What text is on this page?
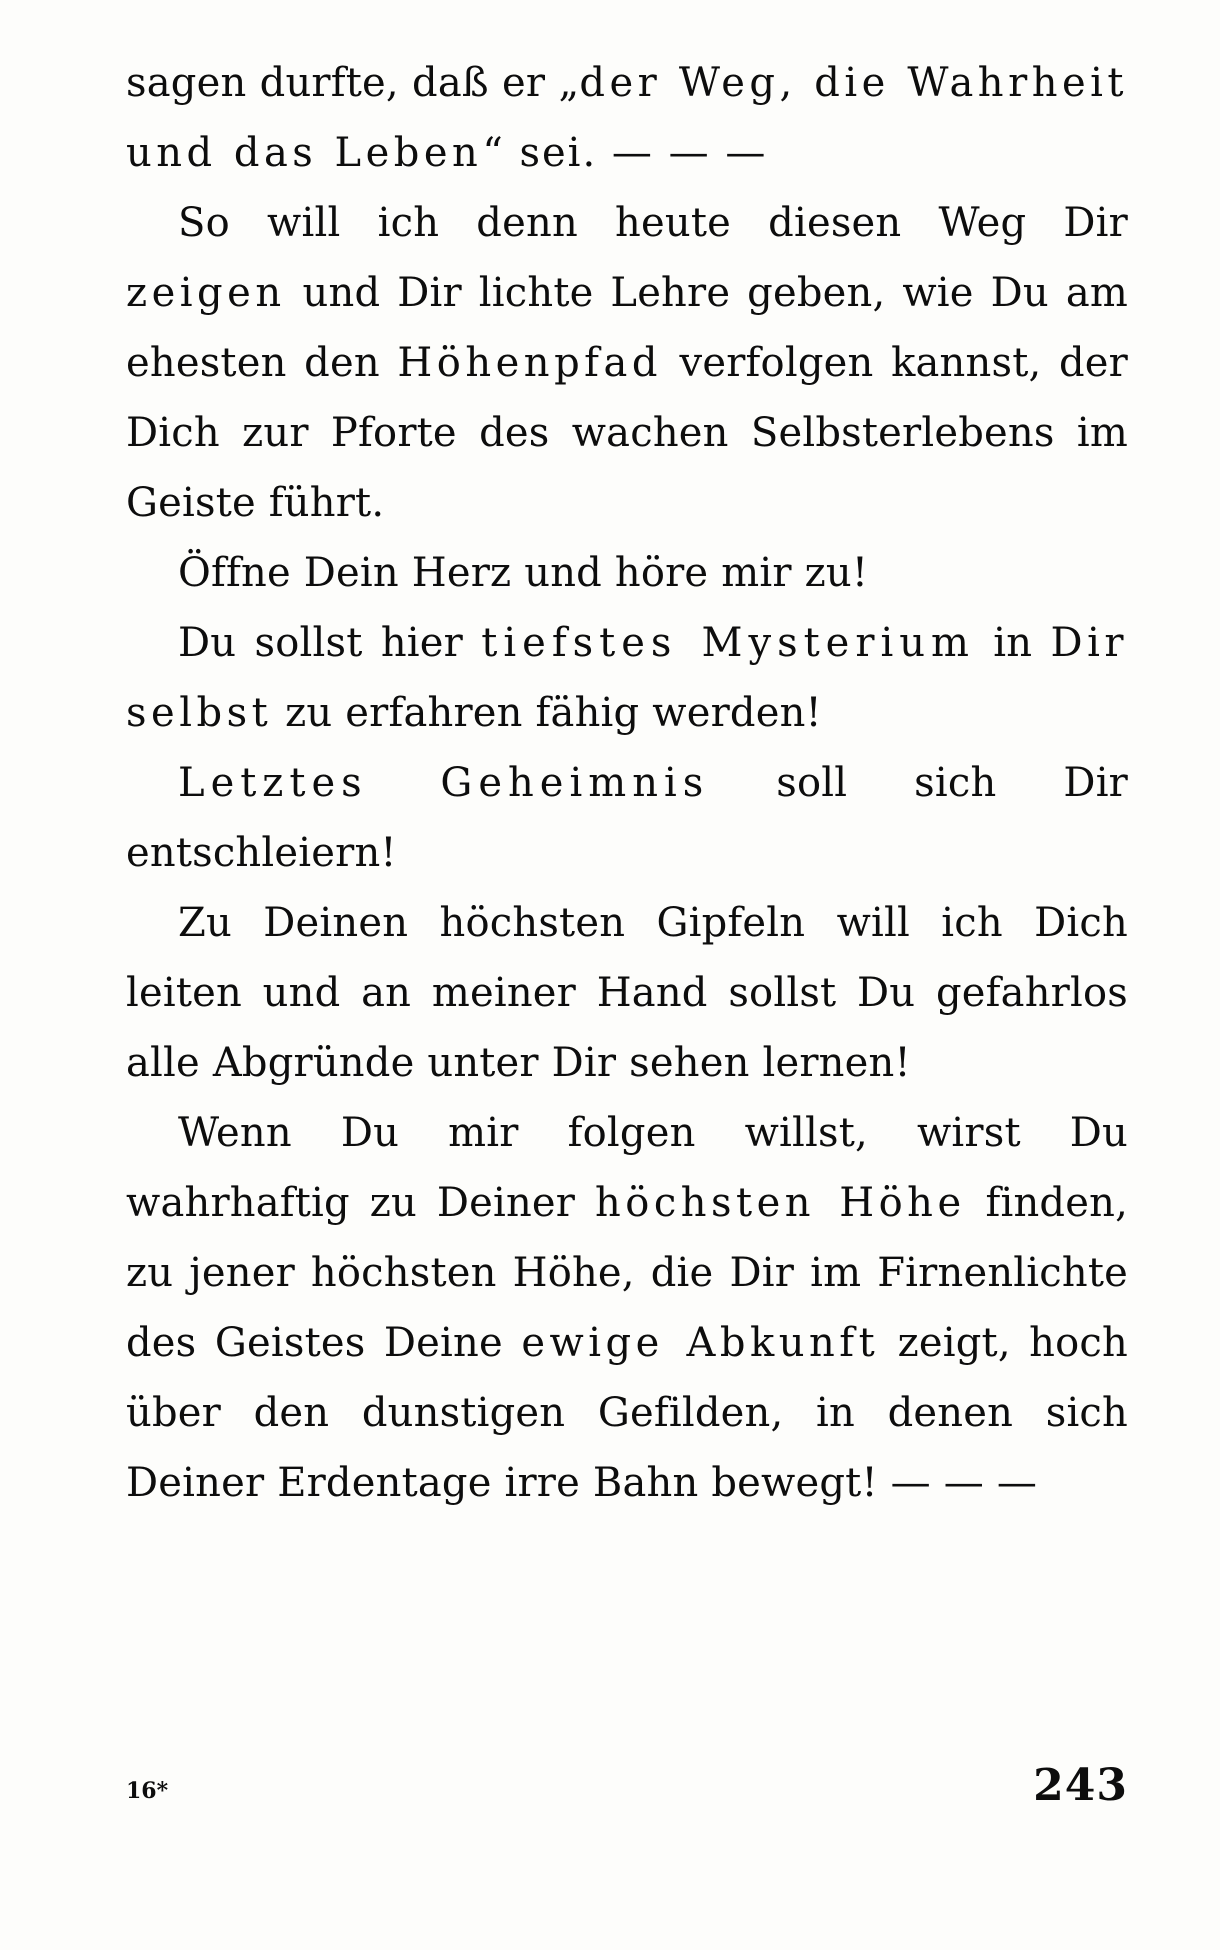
sagen durfte, daß er „der Weg, die Wahrheit und das Leben“ sei. — — —

So will ich denn heute diesen Weg Dir zeigen und Dir lichte Lehre geben, wie Du am ehesten den Höhenpfad verfolgen kannst, der Dich zur Pforte des wachen Selbsterlebens im Geiste führt.

Öffne Dein Herz und höre mir zu!

Du sollst hier tiefstes Mysterium in Dir selbst zu erfahren fähig werden!

Letztes Geheimnis soll sich Dir entschleiern!

Zu Deinen höchsten Gipfeln will ich Dich leiten und an meiner Hand sollst Du gefahrlos alle Abgründe unter Dir sehen lernen!

Wenn Du mir folgen willst, wirst Du wahrhaftig zu Deiner höchsten Höhe finden, zu jener höchsten Höhe, die Dir im Firnenlichte des Geistes Deine ewige Abkunft zeigt, hoch über den dunstigen Gefilden, in denen sich Deiner Erdentage irre Bahn bewegt! — — —

16*	243
